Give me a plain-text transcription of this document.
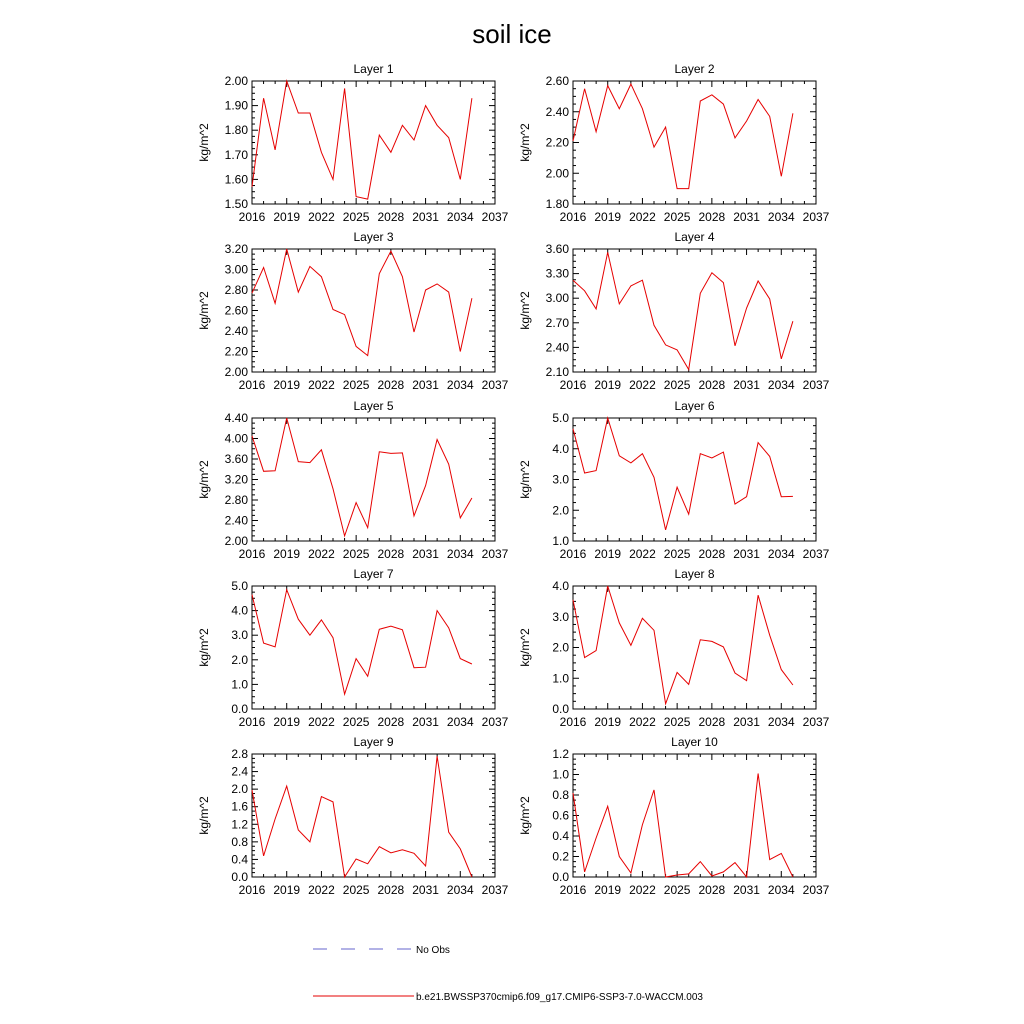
soil ice
Layer 1
2016 2019 2022 2025 2028 2031 2034 2037
1.50
1.60
1.70
1.80
1.90
2.00
kg/m^2
Layer 2
2016 2019 2022 2025 2028 2031 2034 2037
1.80
2.00
2.20
2.40
2.60
kg/m^2
Layer 3
2016 2019 2022 2025 2028 2031 2034 2037
2.00
2.20
2.40
2.60
2.80
3.00
3.20
kg/m^2
Layer 4
2016 2019 2022 2025 2028 2031 2034 2037
2.10
2.40
2.70
3.00
3.30
3.60
kg/m^2
Layer 5
2016 2019 2022 2025 2028 2031 2034 2037
2.00
2.40
2.80
3.20
3.60
4.00
4.40
kg/m^2
Layer 6
2016 2019 2022 2025 2028 2031 2034 2037
1.0
2.0
3.0
4.0
5.0
kg/m^2
Layer 7
2016 2019 2022 2025 2028 2031 2034 2037
0.0
1.0
2.0
3.0
4.0
5.0
kg/m^2
Layer 8
2016 2019 2022 2025 2028 2031 2034 2037
0.0
1.0
2.0
3.0
4.0
kg/m^2
Layer 9
2016 2019 2022 2025 2028 2031 2034 2037
0.0
0.4
0.8
1.2
1.6
2.0
2.4
2.8
kg/m^2
Layer 10
2016 2019 2022 2025 2028 2031 2034 2037
0.0
0.2
0.4
0.6
0.8
1.0
1.2
kg/m^2
No Obs
b.e21.BWSSP370cmip6.f09_g17.CMIP6-SSP3-7.0-WACCM.003
